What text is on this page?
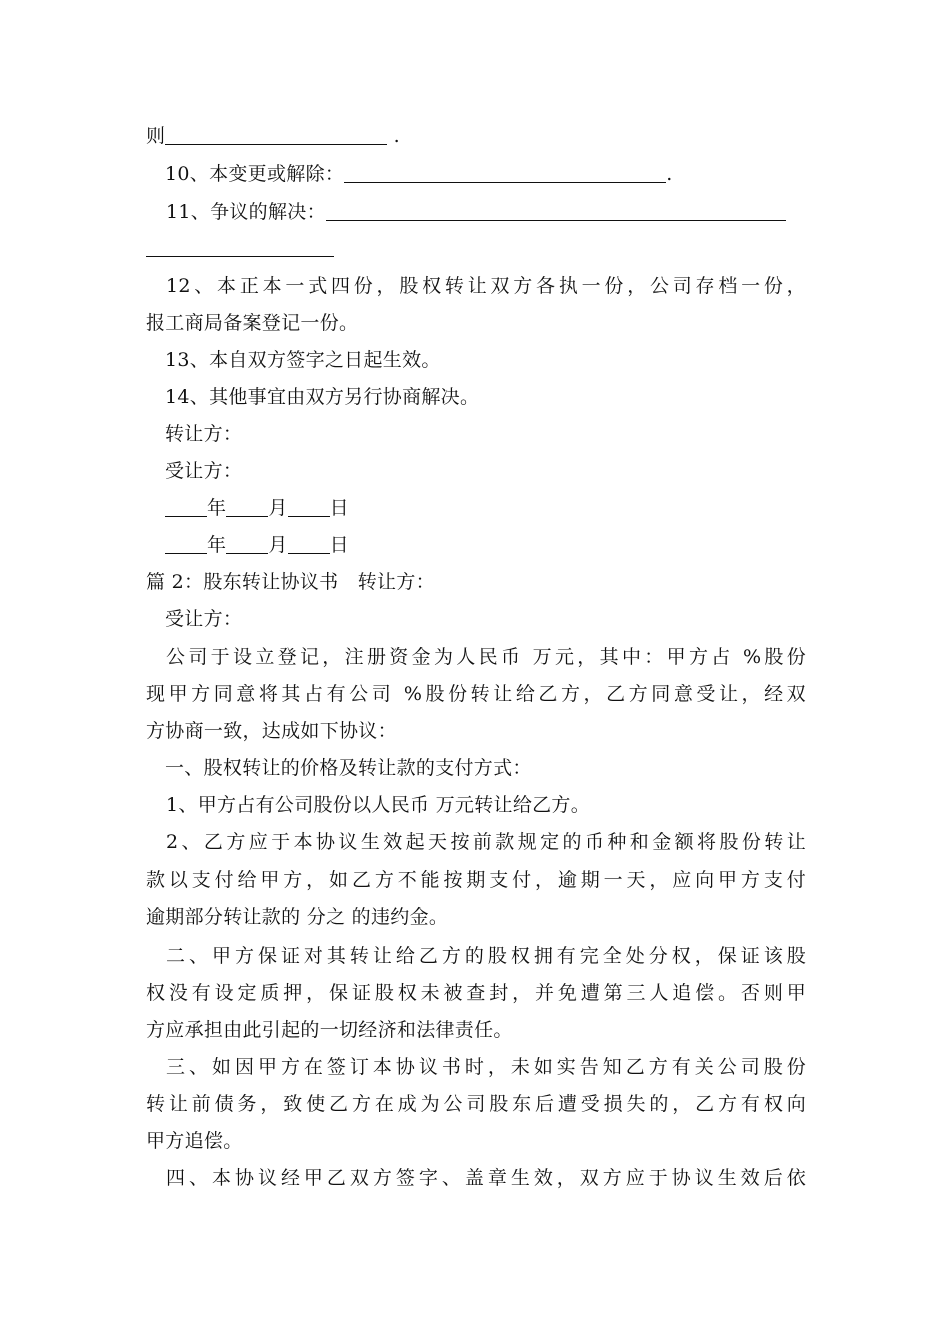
则	.
10、本变更或解除：	.
11、争议的解决：
12、本正本一式四份，股权转让双方各执一份，公司存档一份，
报工商局备案登记一份。
13、本自双方签字之日起生效。
14、其他事宜由双方另行协商解决。
转让方：
受让方：
年 月 日
年 月 日
篇 2：股东转让协议书　转让方：
受让方：
公司于设立登记，注册资金为人民币 万元，其中：甲方占 %股份
现甲方同意将其占有公司 %股份转让给乙方，乙方同意受让，经双
方协商一致，达成如下协议：
一、股权转让的价格及转让款的支付方式：
1、甲方占有公司股份以人民币 万元转让给乙方。
2、乙方应于本协议生效起天按前款规定的币种和金额将股份转让
款以支付给甲方，如乙方不能按期支付，逾期一天，应向甲方支付
逾期部分转让款的 分之 的违约金。
二、甲方保证对其转让给乙方的股权拥有完全处分权，保证该股
权没有设定质押，保证股权未被查封，并免遭第三人追偿。否则甲
方应承担由此引起的一切经济和法律责任。
三、如因甲方在签订本协议书时，未如实告知乙方有关公司股份
转让前债务，致使乙方在成为公司股东后遭受损失的，乙方有权向
甲方追偿。
四、本协议经甲乙双方签字、盖章生效，双方应于协议生效后依
